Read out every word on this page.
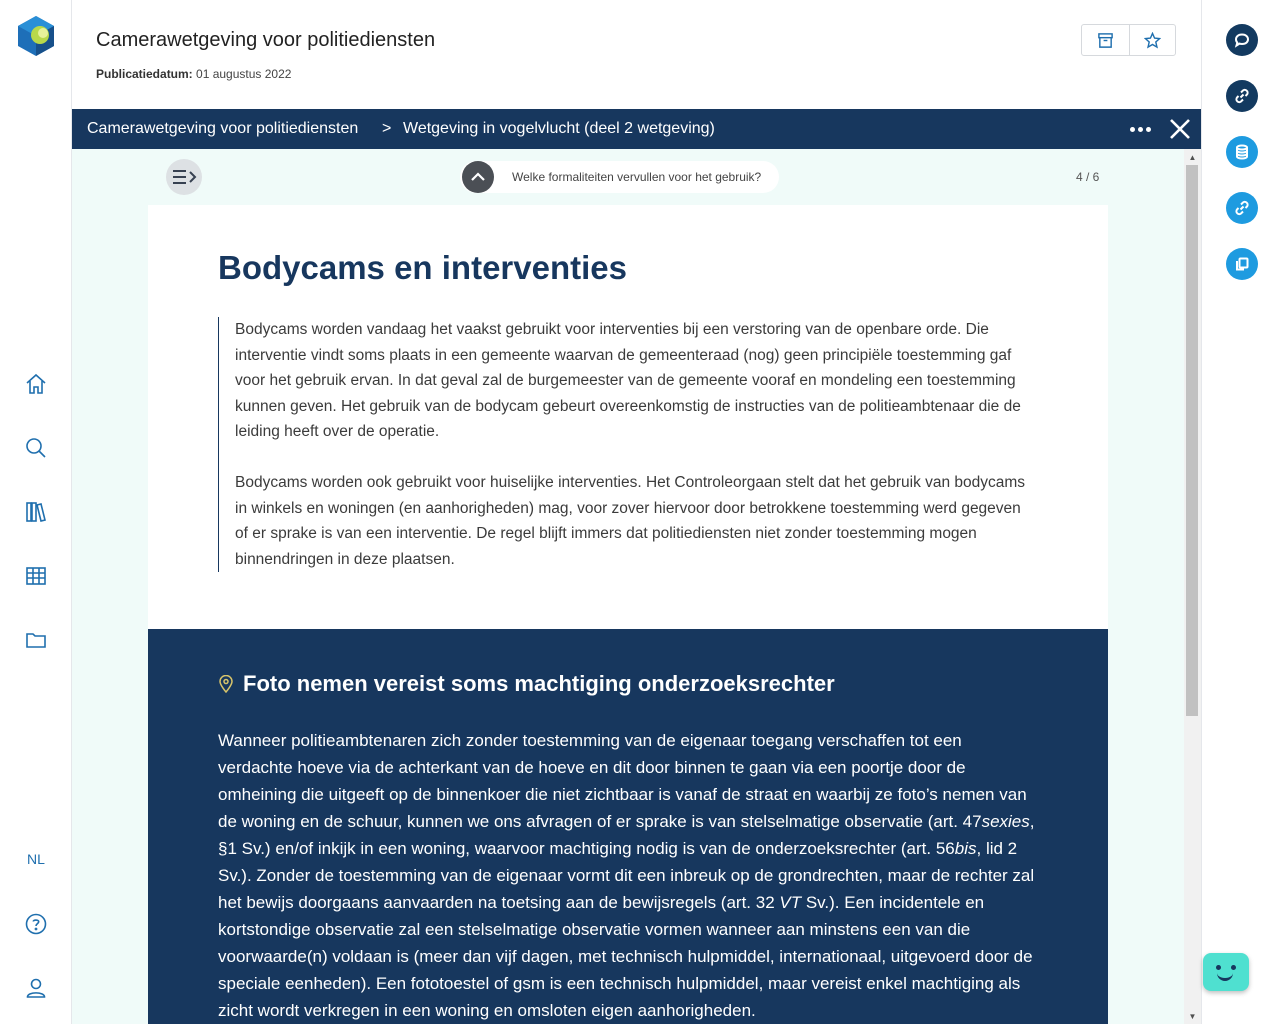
NL
Camerawetgeving voor politiediensten
Publicatiedatum: 01 augustus 2022
Camerawetgeving voor politiediensten > Wetgeving in vogelvlucht (deel 2 wetgeving)
Welke formaliteiten vervullen voor het gebruik?	4 / 6
Bodycams en interventies

Bodycams worden vandaag het vaakst gebruikt voor interventies bij een verstoring van de openbare orde. Die interventie vindt soms plaats in een gemeente waarvan de gemeenteraad (nog) geen principiële toestemming gaf voor het gebruik ervan. In dat geval zal de burgemeester van de gemeente vooraf en mondeling een toestemming kunnen geven. Het gebruik van de bodycam gebeurt overeenkomstig de instructies van de politieambtenaar die de leiding heeft over de operatie.

Bodycams worden ook gebruikt voor huiselijke interventies. Het Controleorgaan stelt dat het gebruik van bodycams in winkels en woningen (en aanhorigheden) mag, voor zover hiervoor door betrokkene toestemming werd gegeven of er sprake is van een interventie. De regel blijft immers dat politiediensten niet zonder toestemming mogen binnendringen in deze plaatsen.

Foto nemen vereist soms machtiging onderzoeksrechter

Wanneer politieambtenaren zich zonder toestemming van de eigenaar toegang verschaffen tot een verdachte hoeve via de achterkant van de hoeve en dit door binnen te gaan via een poortje door de omheining die uitgeeft op de binnenkoer die niet zichtbaar is vanaf de straat en waarbij ze foto’s nemen van de woning en de schuur, kunnen we ons afvragen of er sprake is van stelselmatige observatie (art. 47sexies, §1 Sv.) en/of inkijk in een woning, waarvoor machtiging nodig is van de onderzoeksrechter (art. 56bis, lid 2 Sv.). Zonder de toestemming van de eigenaar vormt dit een inbreuk op de grondrechten, maar de rechter zal het bewijs doorgaans aanvaarden na toetsing aan de bewijsregels (art. 32 VT Sv.). Een incidentele en kortstondige observatie zal een stelselmatige observatie vormen wanneer aan minstens een van die voorwaarde(n) voldaan is (meer dan vijf dagen, met technisch hulpmiddel, internationaal, uitgevoerd door de speciale eenheden). Een fototoestel of gsm is een technisch hulpmiddel, maar vereist enkel machtiging als zicht wordt verkregen in een woning en omsloten eigen aanhorigheden.

▲
▼
